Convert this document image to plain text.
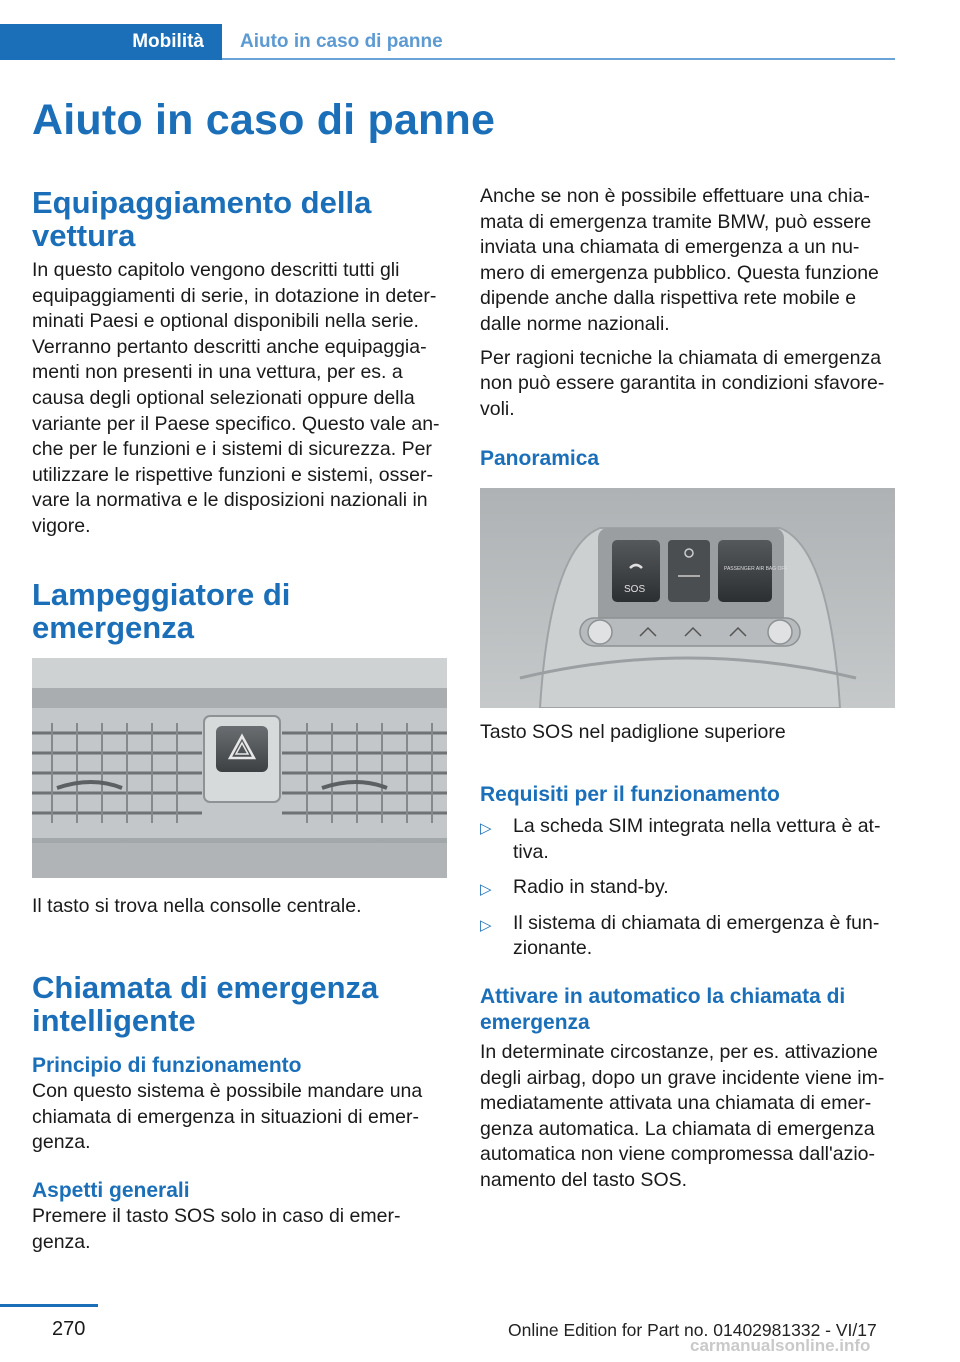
Mobilità	Aiuto in caso di panne
Aiuto in caso di panne
Equipaggiamento della vettura
In questo capitolo vengono descritti tutti gli equipaggiamenti di serie, in dotazione in deter-minati Paesi e optional disponibili nella serie. Verranno pertanto descritti anche equipaggia-menti non presenti in una vettura, per es. a causa degli optional selezionati oppure della variante per il Paese specifico. Questo vale an-che per le funzioni e i sistemi di sicurezza. Per utilizzare le rispettive funzioni e sistemi, osser-vare la normativa e le disposizioni nazionali in vigore.
Lampeggiatore di emergenza
Il tasto si trova nella consolle centrale.
Chiamata di emergenza intelligente
Principio di funzionamento
Con questo sistema è possibile mandare una chiamata di emergenza in situazioni di emer-genza.
Aspetti generali
Premere il tasto SOS solo in caso di emer-genza.
Anche se non è possibile effettuare una chia-mata di emergenza tramite BMW, può essere inviata una chiamata di emergenza a un nu-mero di emergenza pubblico. Questa funzione dipende anche dalla rispettiva rete mobile e dalle norme nazionali.
Per ragioni tecniche la chiamata di emergenza non può essere garantita in condizioni sfavore-voli.
Panoramica
SOS
PASSENGER AIR BAG OFF
Tasto SOS nel padiglione superiore
Requisiti per il funzionamento
▷ La scheda SIM integrata nella vettura è at-tiva.
▷ Radio in stand-by.
▷ Il sistema di chiamata di emergenza è fun-zionante.
Attivare in automatico la chiamata di emergenza
In determinate circostanze, per es. attivazione degli airbag, dopo un grave incidente viene im-mediatamente attivata una chiamata di emer-genza automatica. La chiamata di emergenza automatica non viene compromessa dall'azio-namento del tasto SOS.
270	Online Edition for Part no. 01402981332 - VI/17
carmanualsonline.info
